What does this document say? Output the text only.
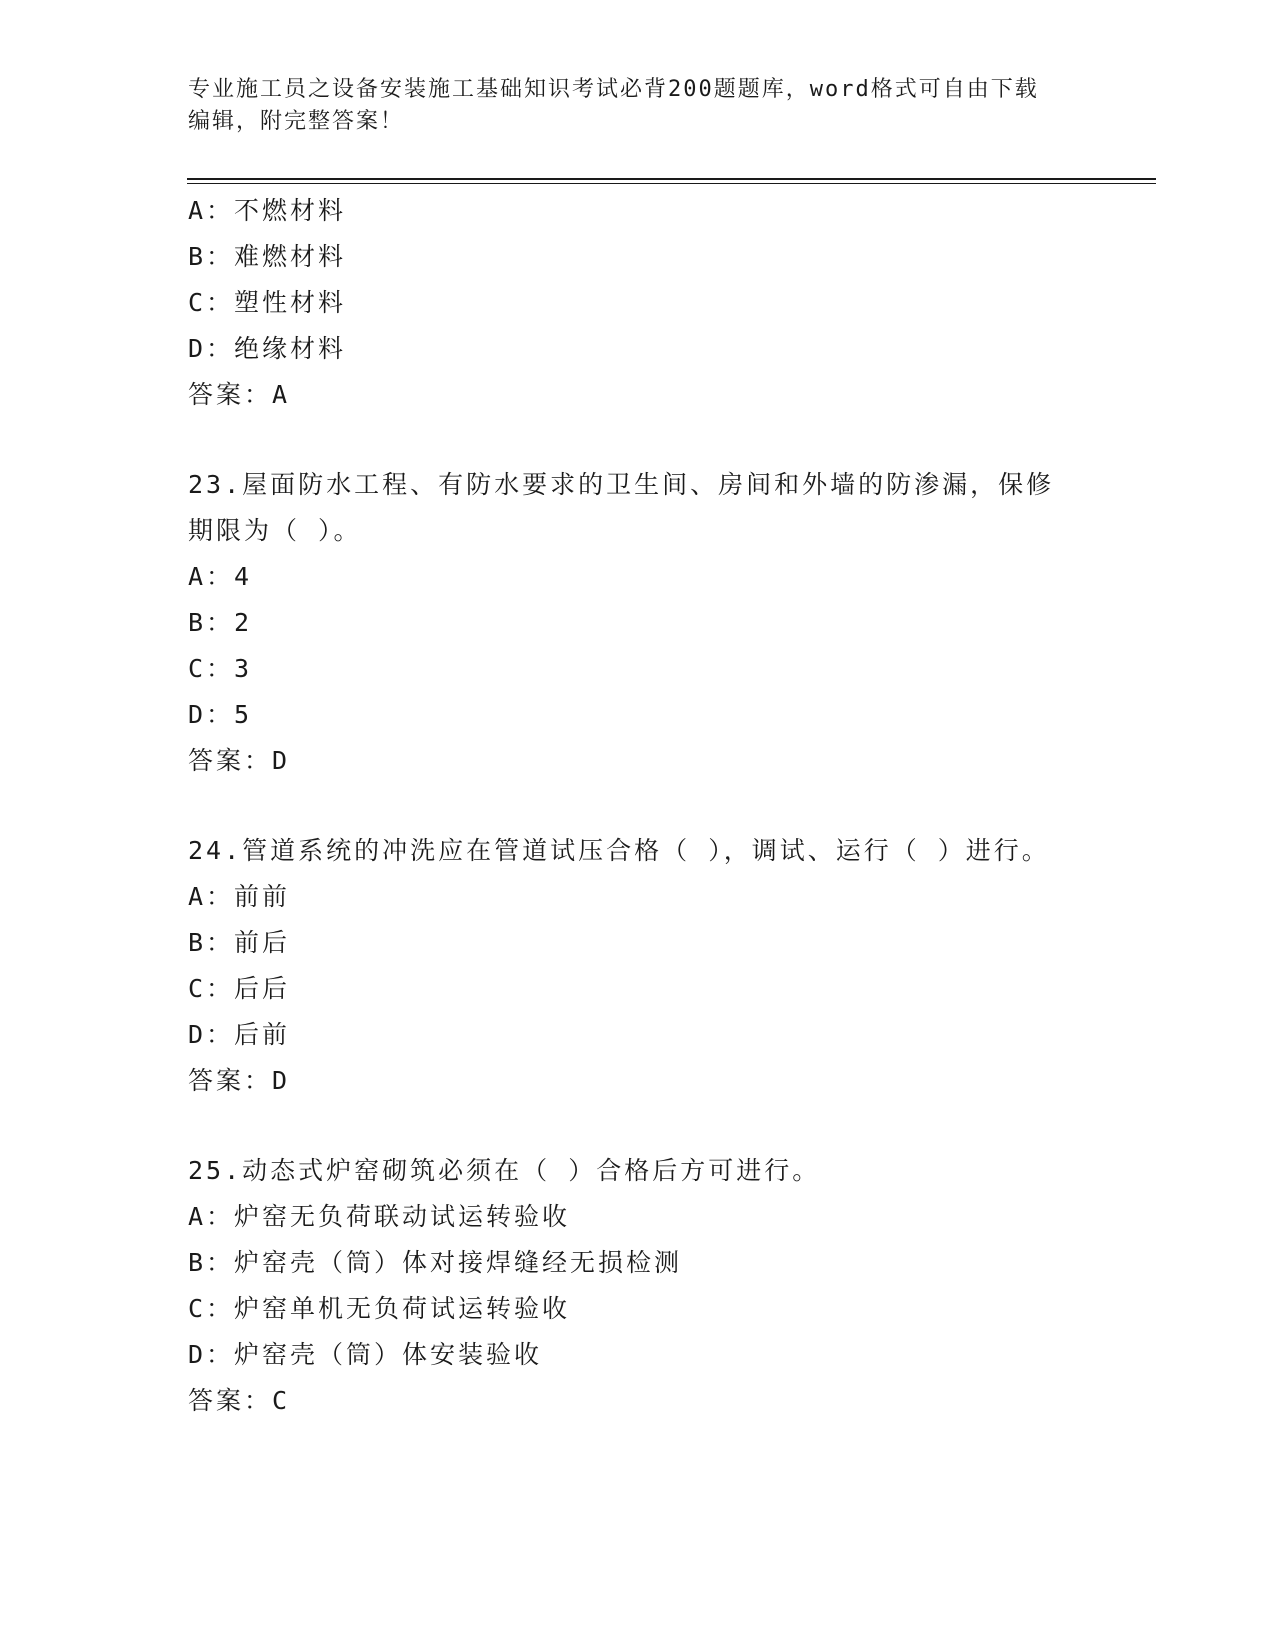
专业施工员之设备安装施工基础知识考试必背200题题库，word格式可自由下载
编辑，附完整答案！
A：不燃材料
B：难燃材料
C：塑性材料
D：绝缘材料
答案：A
23.屋面防水工程、有防水要求的卫生间、房间和外墙的防渗漏，保修
期限为（ ）。
A：4
B：2
C：3
D：5
答案：D
24.管道系统的冲洗应在管道试压合格（ ），调试、运行（ ）进行。
A：前前
B：前后
C：后后
D：后前
答案：D
25.动态式炉窑砌筑必须在（ ）合格后方可进行。
A：炉窑无负荷联动试运转验收
B：炉窑壳（筒）体对接焊缝经无损检测
C：炉窑单机无负荷试运转验收
D：炉窑壳（筒）体安装验收
答案：C
